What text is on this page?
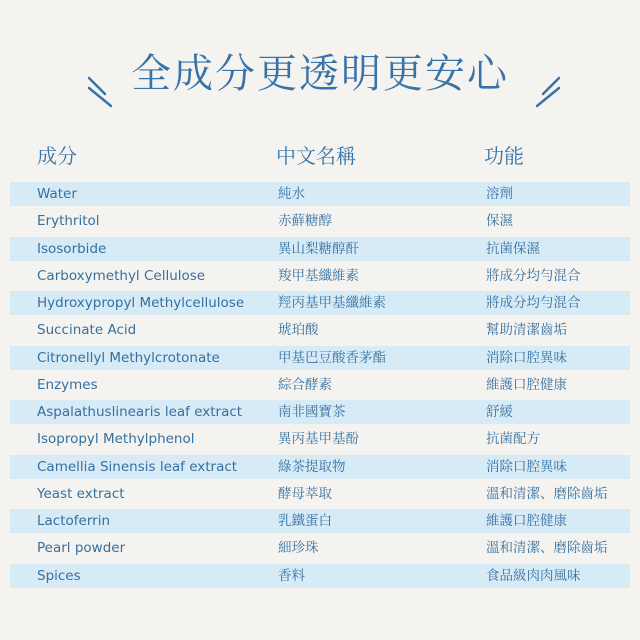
全成分更透明更安心
成分	中文名稱	功能
Water	純水	溶劑
Erythritol	赤蘚糖醇	保濕
Isosorbide	異山梨糖醇酐	抗菌保濕
Carboxymethyl Cellulose	羧甲基纖維素	將成分均勻混合
Hydroxypropyl Methylcellulose	羥丙基甲基纖維素	將成分均勻混合
Succinate Acid	琥珀酸	幫助清潔齒垢
Citronellyl Methylcrotonate	甲基巴豆酸香茅酯	消除口腔異味
Enzymes	綜合酵素	維護口腔健康
Aspalathuslinearis leaf extract	南非國寶茶	舒緩
Isopropyl Methylphenol	異丙基甲基酚	抗菌配方
Camellia Sinensis leaf extract	綠茶提取物	消除口腔異味
Yeast extract	酵母萃取	溫和清潔、磨除齒垢
Lactoferrin	乳鐵蛋白	維護口腔健康
Pearl powder	細珍珠	溫和清潔、磨除齒垢
Spices	香料	食品級肉肉風味
